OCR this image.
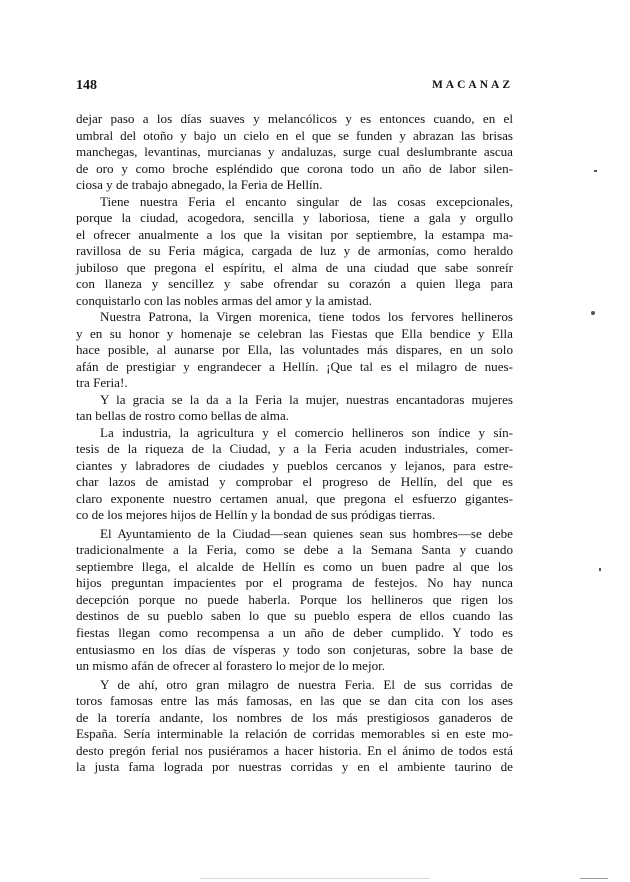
148	MACANAZ
dejar paso a los días suaves y melancólicos y es entonces cuando, en el
umbral del otoño y bajo un cielo en el que se funden y abrazan las brisas
manchegas, levantinas, murcianas y andaluzas, surge cual deslumbrante ascua
de oro y como broche espléndido que corona todo un año de labor silen-
ciosa y de trabajo abnegado, la Feria de Hellín.
Tiene nuestra Feria el encanto singular de las cosas excepcionales,
porque la ciudad, acogedora, sencilla y laboriosa, tiene a gala y orgullo
el ofrecer anualmente a los que la visitan por septiembre, la estampa ma-
ravillosa de su Feria mágica, cargada de luz y de armonías, como heraldo
jubiloso que pregona el espíritu, el alma de una ciudad que sabe sonreír
con llaneza y sencillez y sabe ofrendar su corazón a quien llega para
conquistarlo con las nobles armas del amor y la amistad.
Nuestra Patrona, la Virgen morenica, tiene todos los fervores hellineros
y en su honor y homenaje se celebran las Fiestas que Ella bendice y Ella
hace posible, al aunarse por Ella, las voluntades más dispares, en un solo
afán de prestigiar y engrandecer a Hellín. ¡Que tal es el milagro de nues-
tra Feria!.
Y la gracia se la da a la Feria la mujer, nuestras encantadoras mujeres
tan bellas de rostro como bellas de alma.
La industria, la agricultura y el comercio hellineros son índice y sín-
tesis de la riqueza de la Ciudad, y a la Feria acuden industriales, comer-
ciantes y labradores de ciudades y pueblos cercanos y lejanos, para estre-
char lazos de amistad y comprobar el progreso de Hellín, del que es
claro exponente nuestro certamen anual, que pregona el esfuerzo gigantes-
co de los mejores hijos de Hellín y la bondad de sus pródigas tierras.
El Ayuntamiento de la Ciudad—sean quienes sean sus hombres—se debe
tradicionalmente a la Feria, como se debe a la Semana Santa y cuando
septiembre llega, el alcalde de Hellín es como un buen padre al que los
hijos preguntan impacientes por el programa de festejos. No hay nunca
decepción porque no puede haberla. Porque los hellineros que rigen los
destinos de su pueblo saben lo que su pueblo espera de ellos cuando las
fiestas llegan como recompensa a un año de deber cumplido. Y todo es
entusiasmo en los días de vísperas y todo son conjeturas, sobre la base de
un mismo afán de ofrecer al forastero lo mejor de lo mejor.
Y de ahí, otro gran milagro de nuestra Feria. El de sus corridas de
toros famosas entre las más famosas, en las que se dan cita con los ases
de la torería andante, los nombres de los más prestigiosos ganaderos de
España. Sería interminable la relación de corridas memorables si en este mo-
desto pregón ferial nos pusiéramos a hacer historia. En el ánimo de todos está
la justa fama lograda por nuestras corridas y en el ambiente taurino de
